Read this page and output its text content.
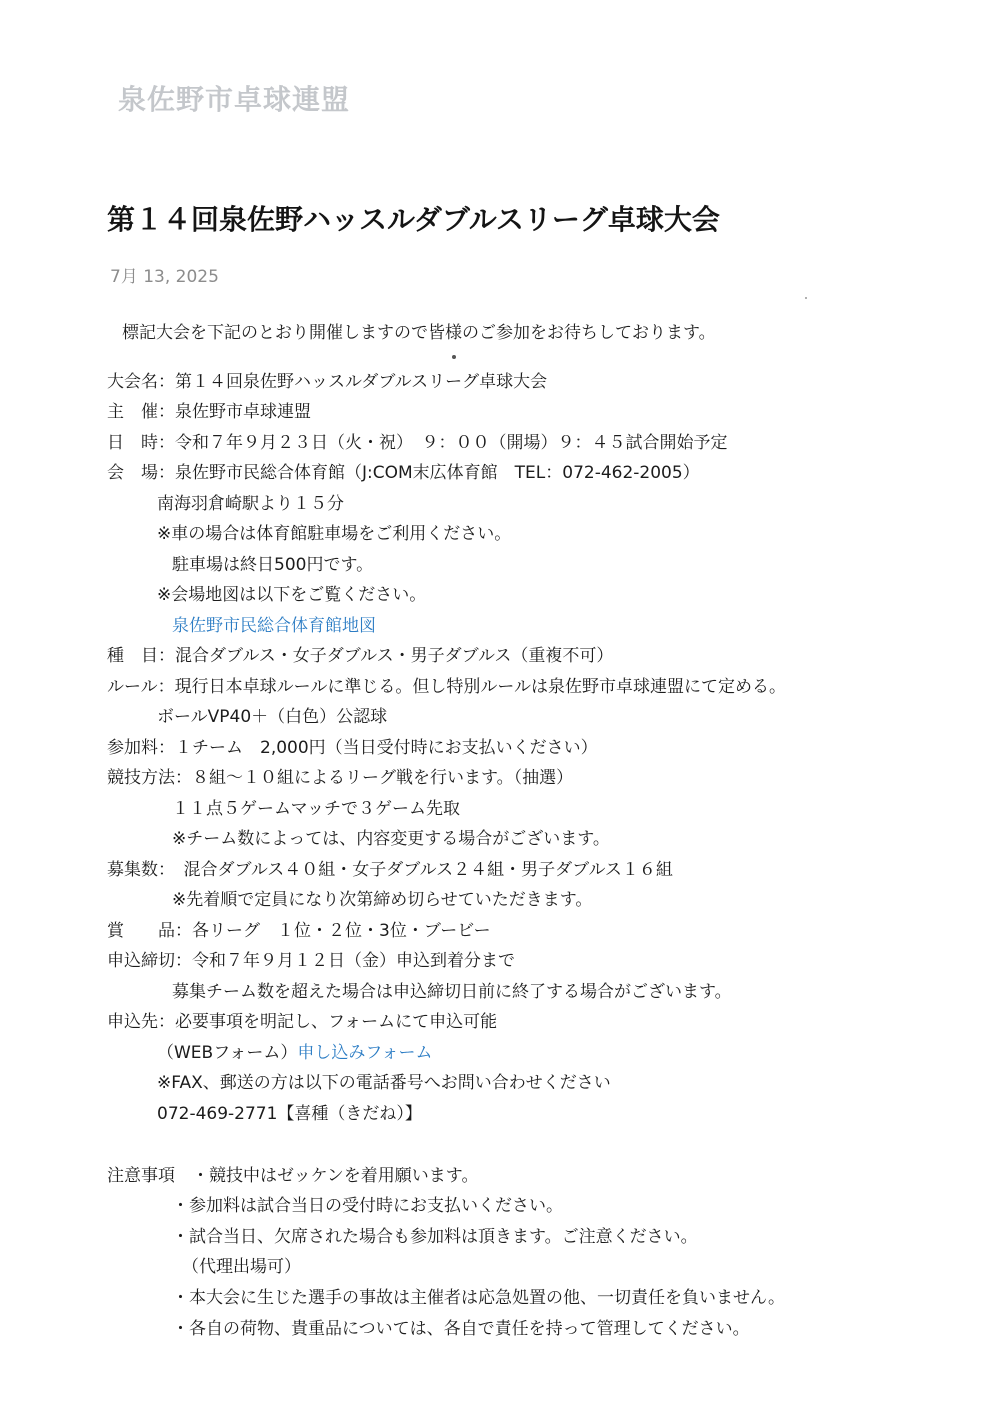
泉佐野市卓球連盟
第１４回泉佐野ハッスルダブルスリーグ卓球大会
7月 13, 2025
標記大会を下記のとおり開催しますので皆様のご参加をお待ちしております。
大会名：第１４回泉佐野ハッスルダブルスリーグ卓球大会
主　催：泉佐野市卓球連盟
日　時：令和７年９月２３日（火・祝）　９：００（開場）９：４５試合開始予定
会　場：泉佐野市民総合体育館（J:COM末広体育館　TEL：072-462-2005）
南海羽倉崎駅より１５分
※車の場合は体育館駐車場をご利用ください。
駐車場は終日500円です。
※会場地図は以下をご覧ください。
泉佐野市民総合体育館地図
種　目：混合ダブルス・女子ダブルス・男子ダブルス（重複不可）
ルール：現行日本卓球ルールに準じる。但し特別ルールは泉佐野市卓球連盟にて定める。
ボールVP40＋（白色）公認球
参加料：１チーム　2,000円（当日受付時にお支払いください）
競技方法：８組～１０組によるリーグ戦を行います。（抽選）
１１点５ゲームマッチで３ゲーム先取
※チーム数によっては、内容変更する場合がございます。
募集数：　混合ダブルス４０組・女子ダブルス２４組・男子ダブルス１６組
※先着順で定員になり次第締め切らせていただきます。
賞　　品：各リーグ　１位・２位・3位・ブービー
申込締切：令和７年９月１２日（金）申込到着分まで
募集チーム数を超えた場合は申込締切日前に終了する場合がございます。
申込先：必要事項を明記し、フォームにて申込可能
（WEBフォーム）申し込みフォーム
※FAX、郵送の方は以下の電話番号へお問い合わせください
072-469-2771【喜種（きだね）】
注意事項　・競技中はゼッケンを着用願います。
・参加料は試合当日の受付時にお支払いください。
・試合当日、欠席された場合も参加料は頂きます。ご注意ください。
（代理出場可）
・本大会に生じた選手の事故は主催者は応急処置の他、一切責任を負いません。
・各自の荷物、貴重品については、各自で責任を持って管理してください。
